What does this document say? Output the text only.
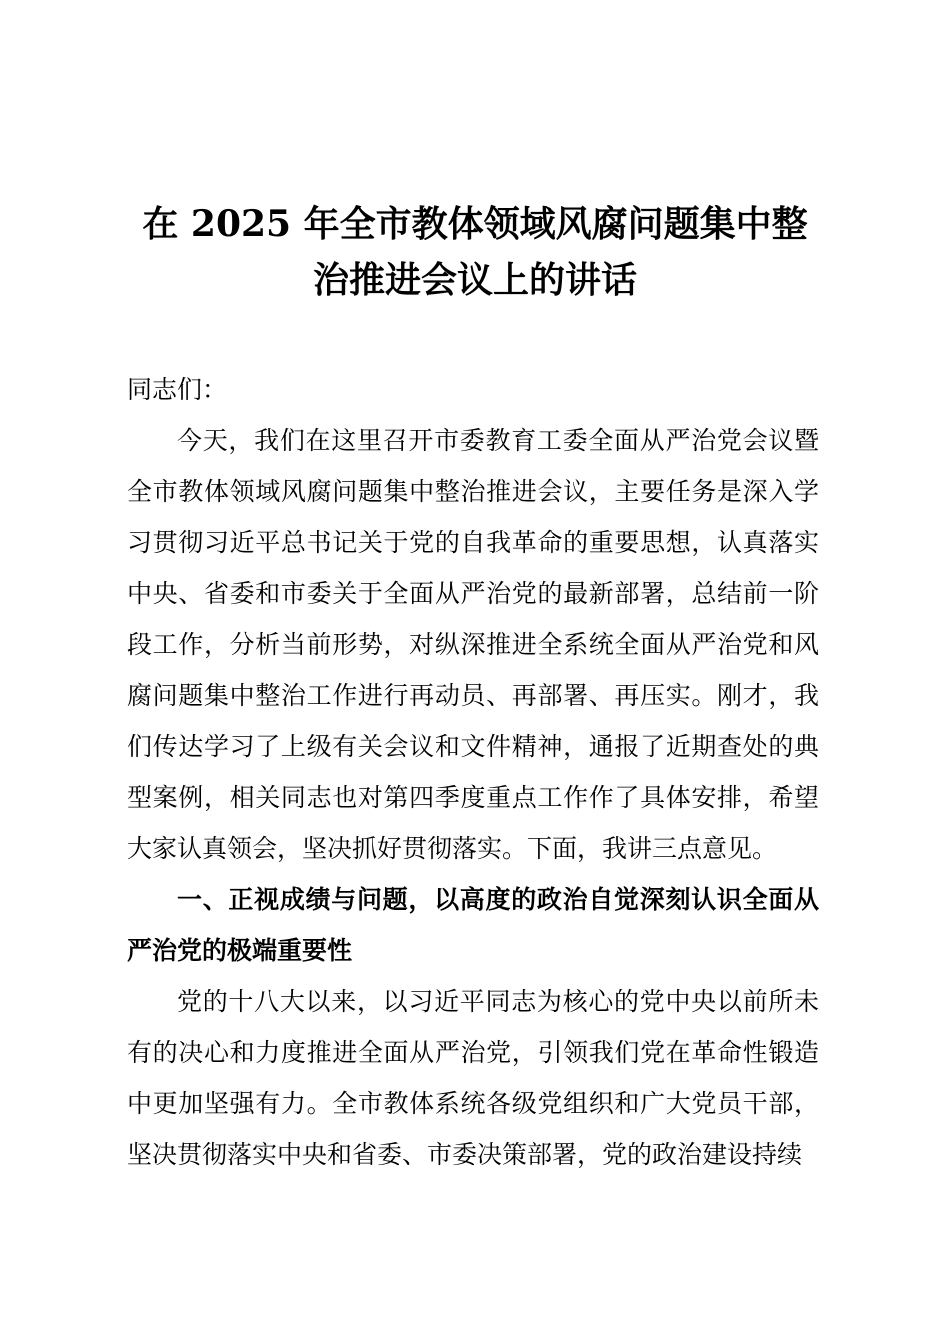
在 2025 年全市教体领域风腐问题集中整
治推进会议上的讲话

同志们：

今天，我们在这里召开市委教育工委全面从严治党会议暨全市教体领域风腐问题集中整治推进会议，主要任务是深入学习贯彻习近平总书记关于党的自我革命的重要思想，认真落实中央、省委和市委关于全面从严治党的最新部署，总结前一阶段工作，分析当前形势，对纵深推进全系统全面从严治党和风腐问题集中整治工作进行再动员、再部署、再压实。刚才，我们传达学习了上级有关会议和文件精神，通报了近期查处的典型案例，相关同志也对第四季度重点工作作了具体安排，希望大家认真领会，坚决抓好贯彻落实。下面，我讲三点意见。

一、正视成绩与问题，以高度的政治自觉深刻认识全面从严治党的极端重要性

党的十八大以来，以习近平同志为核心的党中央以前所未有的决心和力度推进全面从严治党，引领我们党在革命性锻造中更加坚强有力。全市教体系统各级党组织和广大党员干部，坚决贯彻落实中央和省委、市委决策部署，党的政治建设持续
